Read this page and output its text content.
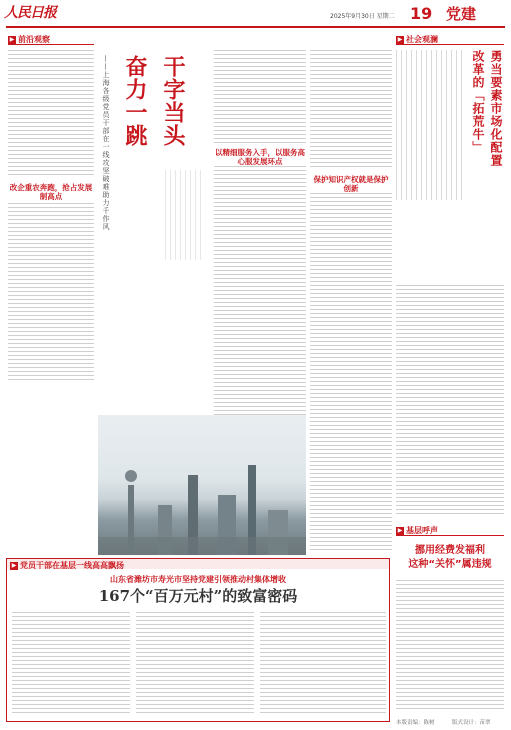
人民日报	2025年9月30日 星期二 19 党建
▶ 前沿观察
改企重农奔跑，抢占发展制高点
干字当头
奋力一跳
——上海各级党员干部在一线攻坚破难助力千作风	以精细服务入手，以服务高心服发展环点
保护知识产权就是保护创新
▶ 社会观澜
勇当要素市场化配置
改革的「拓荒牛」
▶ 基层呼声
挪用经费发福利
这种“关怀”属违规
▶ 党员干部在基层一线高高飘扬
山东省潍坊市寿光市坚持党建引领推动村集体增收
167个“百万元村”的致富密码
本版责编：陈树	版式设计：苗翠
